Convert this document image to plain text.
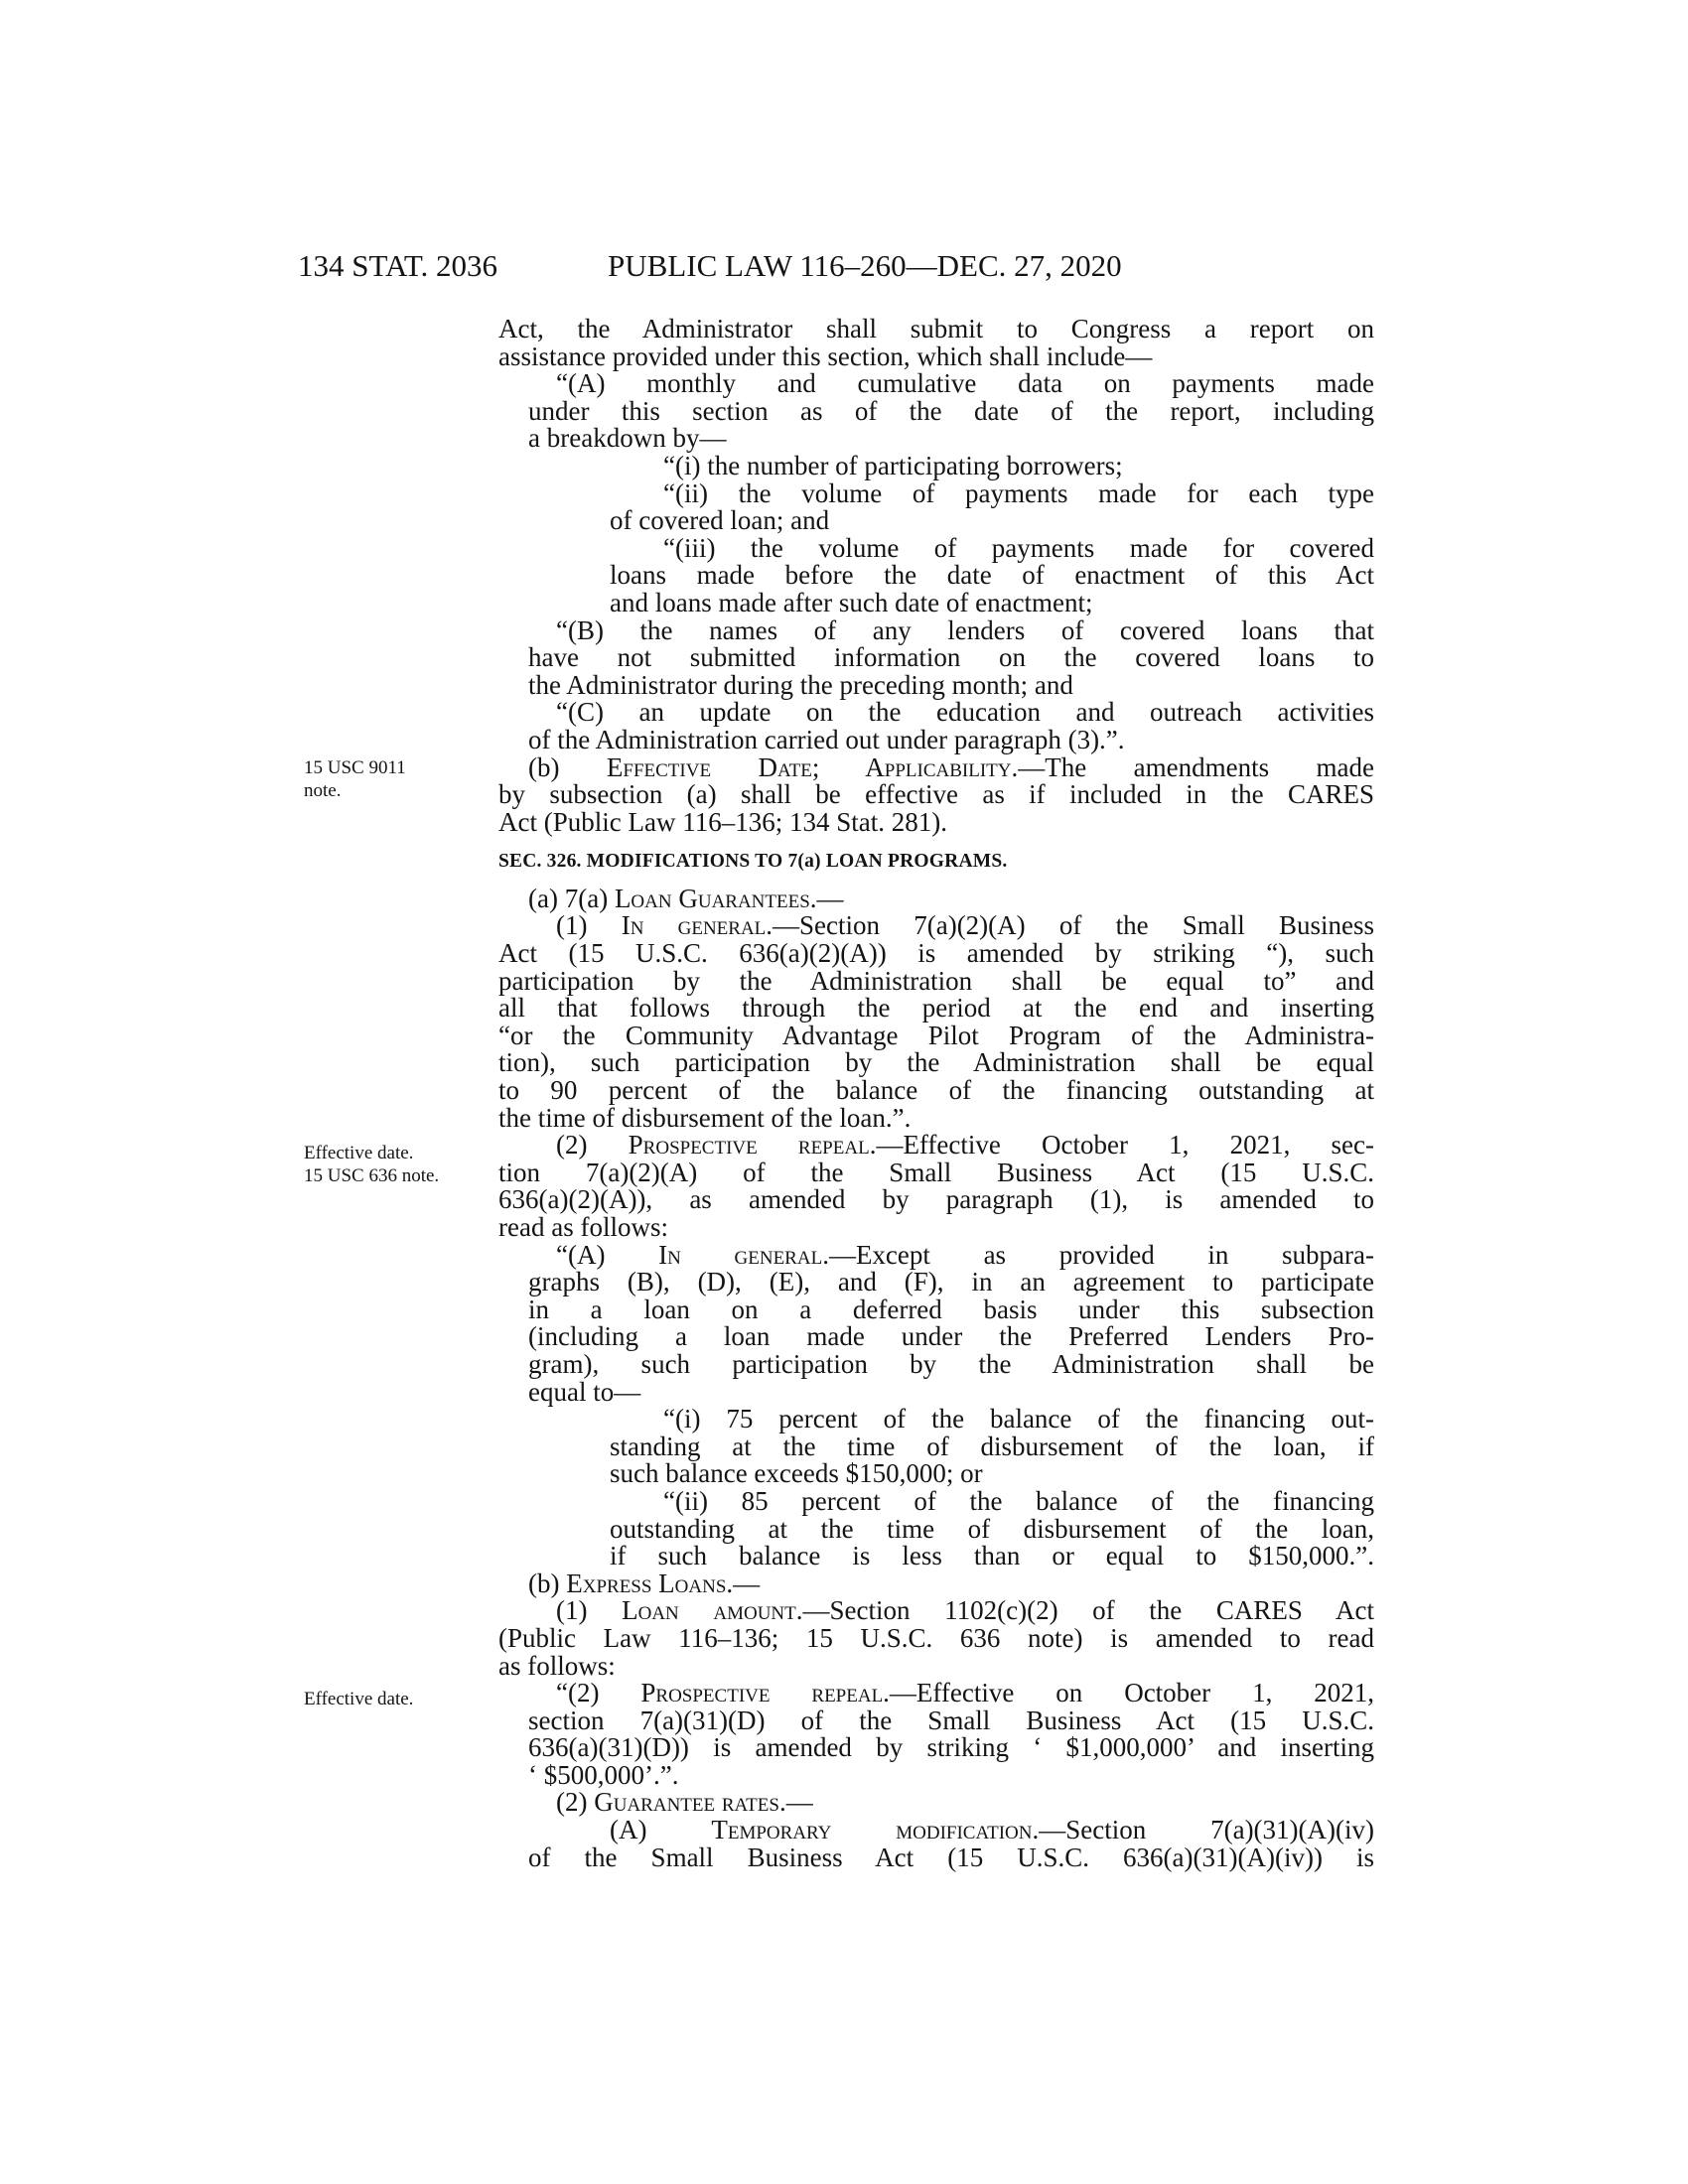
134 STAT. 2036	PUBLIC LAW 116–260—DEC. 27, 2020
15 USC 9011
note.
Effective date.
15 USC 636 note.
Effective date.
Act, the Administrator shall submit to Congress a report on
assistance provided under this section, which shall include—
“(A) monthly and cumulative data on payments made
under this section as of the date of the report, including
a breakdown by—
“(i) the number of participating borrowers;
“(ii) the volume of payments made for each type
of covered loan; and
“(iii) the volume of payments made for covered
loans made before the date of enactment of this Act
and loans made after such date of enactment;
“(B) the names of any lenders of covered loans that
have not submitted information on the covered loans to
the Administrator during the preceding month; and
“(C) an update on the education and outreach activities
of the Administration carried out under paragraph (3).”.
(b) Effective Date; Applicability.—The amendments made
by subsection (a) shall be effective as if included in the CARES
Act (Public Law 116–136; 134 Stat. 281).
SEC. 326. MODIFICATIONS TO 7(a) LOAN PROGRAMS.
(a) 7(a) Loan Guarantees.—
(1) In general.—Section 7(a)(2)(A) of the Small Business
Act (15 U.S.C. 636(a)(2)(A)) is amended by striking “), such
participation by the Administration shall be equal to” and
all that follows through the period at the end and inserting
“or the Community Advantage Pilot Program of the Administra-
tion), such participation by the Administration shall be equal
to 90 percent of the balance of the financing outstanding at
the time of disbursement of the loan.”.
(2) Prospective repeal.—Effective October 1, 2021, sec-
tion 7(a)(2)(A) of the Small Business Act (15 U.S.C.
636(a)(2)(A)), as amended by paragraph (1), is amended to
read as follows:
“(A) In general.—Except as provided in subpara-
graphs (B), (D), (E), and (F), in an agreement to participate
in a loan on a deferred basis under this subsection
(including a loan made under the Preferred Lenders Pro-
gram), such participation by the Administration shall be
equal to—
“(i) 75 percent of the balance of the financing out-
standing at the time of disbursement of the loan, if
such balance exceeds $150,000; or
“(ii) 85 percent of the balance of the financing
outstanding at the time of disbursement of the loan,
if such balance is less than or equal to $150,000.”.
(b) Express Loans.—
(1) Loan amount.—Section 1102(c)(2) of the CARES Act
(Public Law 116–136; 15 U.S.C. 636 note) is amended to read
as follows:
“(2) Prospective repeal.—Effective on October 1, 2021,
section 7(a)(31)(D) of the Small Business Act (15 U.S.C.
636(a)(31)(D)) is amended by striking ‘ $1,000,000’ and inserting
‘ $500,000’.”.
(2) Guarantee rates.—
(A) Temporary modification.—Section 7(a)(31)(A)(iv)
of the Small Business Act (15 U.S.C. 636(a)(31)(A)(iv)) is
